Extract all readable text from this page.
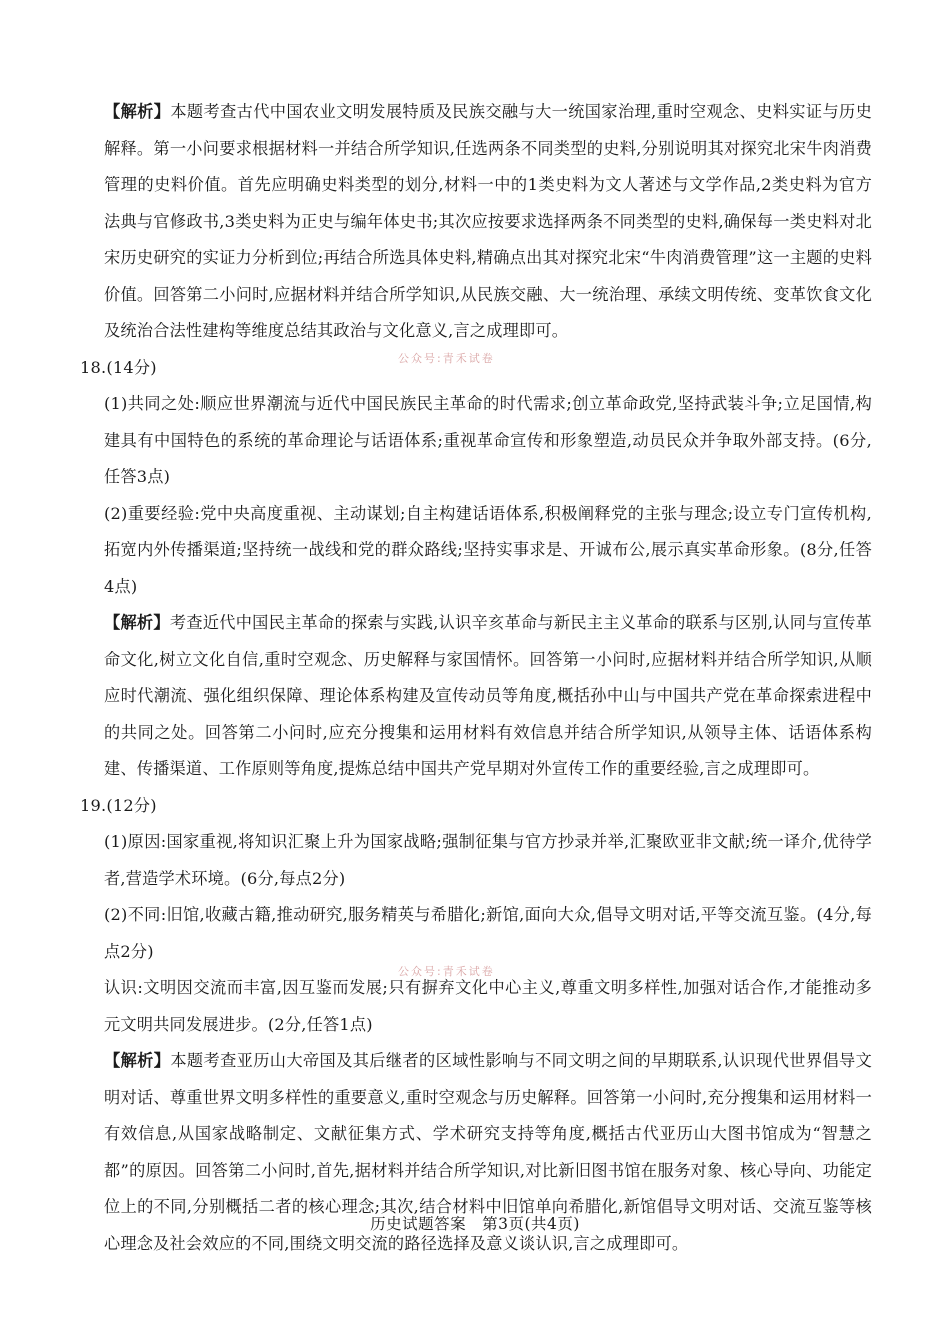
【解析】本题考查古代中国农业文明发展特质及民族交融与大一统国家治理,重时空观念、史料实证与历史解释。第一小问要求根据材料一并结合所学知识,任选两条不同类型的史料,分别说明其对探究北宋牛肉消费管理的史料价值。首先应明确史料类型的划分,材料一中的1类史料为文人著述与文学作品,2类史料为官方法典与官修政书,3类史料为正史与编年体史书;其次应按要求选择两条不同类型的史料,确保每一类史料对北宋历史研究的实证力分析到位;再结合所选具体史料,精确点出其对探究北宋“牛肉消费管理”这一主题的史料价值。回答第二小问时,应据材料并结合所学知识,从民族交融、大一统治理、承续文明传统、变革饮食文化及统治合法性建构等维度总结其政治与文化意义,言之成理即可。
18.(14分)
(1)共同之处:顺应世界潮流与近代中国民族民主革命的时代需求;创立革命政党,坚持武装斗争;立足国情,构建具有中国特色的系统的革命理论与话语体系;重视革命宣传和形象塑造,动员民众并争取外部支持。(6分,任答3点)
(2)重要经验:党中央高度重视、主动谋划;自主构建话语体系,积极阐释党的主张与理念;设立专门宣传机构,拓宽内外传播渠道;坚持统一战线和党的群众路线;坚持实事求是、开诚布公,展示真实革命形象。(8分,任答4点)
【解析】考查近代中国民主革命的探索与实践,认识辛亥革命与新民主主义革命的联系与区别,认同与宣传革命文化,树立文化自信,重时空观念、历史解释与家国情怀。回答第一小问时,应据材料并结合所学知识,从顺应时代潮流、强化组织保障、理论体系构建及宣传动员等角度,概括孙中山与中国共产党在革命探索进程中的共同之处。回答第二小问时,应充分搜集和运用材料有效信息并结合所学知识,从领导主体、话语体系构建、传播渠道、工作原则等角度,提炼总结中国共产党早期对外宣传工作的重要经验,言之成理即可。
19.(12分)
(1)原因:国家重视,将知识汇聚上升为国家战略;强制征集与官方抄录并举,汇聚欧亚非文献;统一译介,优待学者,营造学术环境。(6分,每点2分)
(2)不同:旧馆,收藏古籍,推动研究,服务精英与希腊化;新馆,面向大众,倡导文明对话,平等交流互鉴。(4分,每点2分)
认识:文明因交流而丰富,因互鉴而发展;只有摒弃文化中心主义,尊重文明多样性,加强对话合作,才能推动多元文明共同发展进步。(2分,任答1点)
【解析】本题考查亚历山大帝国及其后继者的区域性影响与不同文明之间的早期联系,认识现代世界倡导文明对话、尊重世界文明多样性的重要意义,重时空观念与历史解释。回答第一小问时,充分搜集和运用材料一有效信息,从国家战略制定、文献征集方式、学术研究支持等角度,概括古代亚历山大图书馆成为“智慧之都”的原因。回答第二小问时,首先,据材料并结合所学知识,对比新旧图书馆在服务对象、核心导向、功能定位上的不同,分别概括二者的核心理念;其次,结合材料中旧馆单向希腊化,新馆倡导文明对话、交流互鉴等核心理念及社会效应的不同,围绕文明交流的路径选择及意义谈认识,言之成理即可。
公众号:青禾试卷
公众号:青禾试卷
历史试题答案　第3页(共4页)
